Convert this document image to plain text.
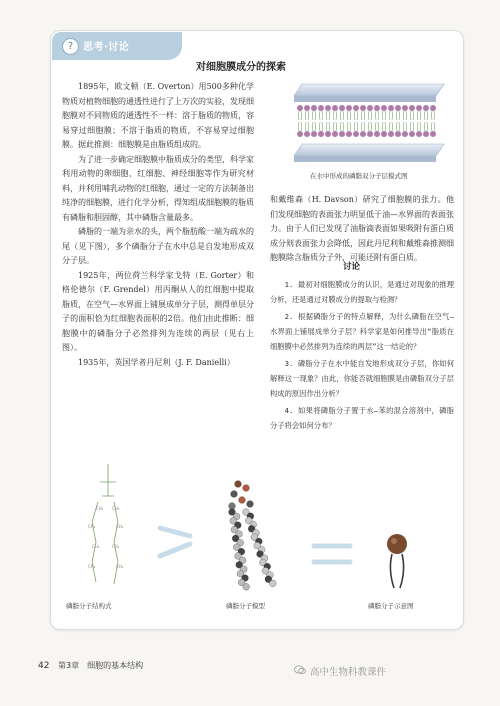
? 思考·讨论
对细胞膜成分的探索
在水中形成的磷脂双分子层模式图

1895年，欧文顿（E. Overton）用500多种化学物质对植物细胞的通透性进行了上万次的实验，发现细胞膜对不同物质的通透性不一样：溶于脂质的物质，容易穿过细胞膜；不溶于脂质的物质，不容易穿过细胞膜。据此推测：细胞膜是由脂质组成的。

为了进一步确定细胞膜中脂质成分的类型，科学家利用动物的卵细胞、红细胞、神经细胞等作为研究材料，并利用哺乳动物的红细胞，通过一定的方法制备出纯净的细胞膜，进行化学分析，得知组成细胞膜的脂质有磷脂和胆固醇，其中磷脂含量最多。

磷脂的一端为亲水的头，两个脂肪酸一端为疏水的尾（见下图），多个磷脂分子在水中总是自发地形成双分子层。

1925年，两位荷兰科学家戈特（E. Gorter）和格伦德尔（F. Grendel）用丙酮从人的红细胞中提取脂质，在空气—水界面上铺展成单分子层，测得单层分子的面积恰为红细胞表面积的2倍。他们由此推断：细胞膜中的磷脂分子必然排列为连续的两层（见右上图）。

1935年，英国学者丹尼利（J. F. Danielli）

和戴维森（H. Davson）研究了细胞膜的张力。他们发现细胞的表面张力明显低于油—水界面的表面张力。由于人们已发现了油脂滴表面如果吸附有蛋白质成分则表面张力会降低，因此丹尼利和戴维森推测细胞膜除含脂质分子外，可能还附有蛋白质。

讨论

1. 最初对细胞膜成分的认识，是通过对现象的推理分析，还是通过对膜成分的提取与检测？

2. 根据磷脂分子的特点解释，为什么磷脂在空气—水界面上铺展成单分子层？科学家是如何推导出“脂质在细胞膜中必然排列为连续的两层”这一结论的？

3. 磷脂分子在水中能自发地形成双分子层，你如何解释这一现象？由此，你能否就细胞膜是由磷脂双分子层构成的原因作出分析？

4. 如果将磷脂分子置于水—苯的混合溶剂中，磷脂分子将会如何分布？

CH₂ CH₂
CH₂	CH₂
CH₂	CH₂
CH₂	CH₂
磷脂分子结构式	磷脂分子模型	磷脂分子示意图
42 第3章　细胞的基本结构
高中生物科教课件
